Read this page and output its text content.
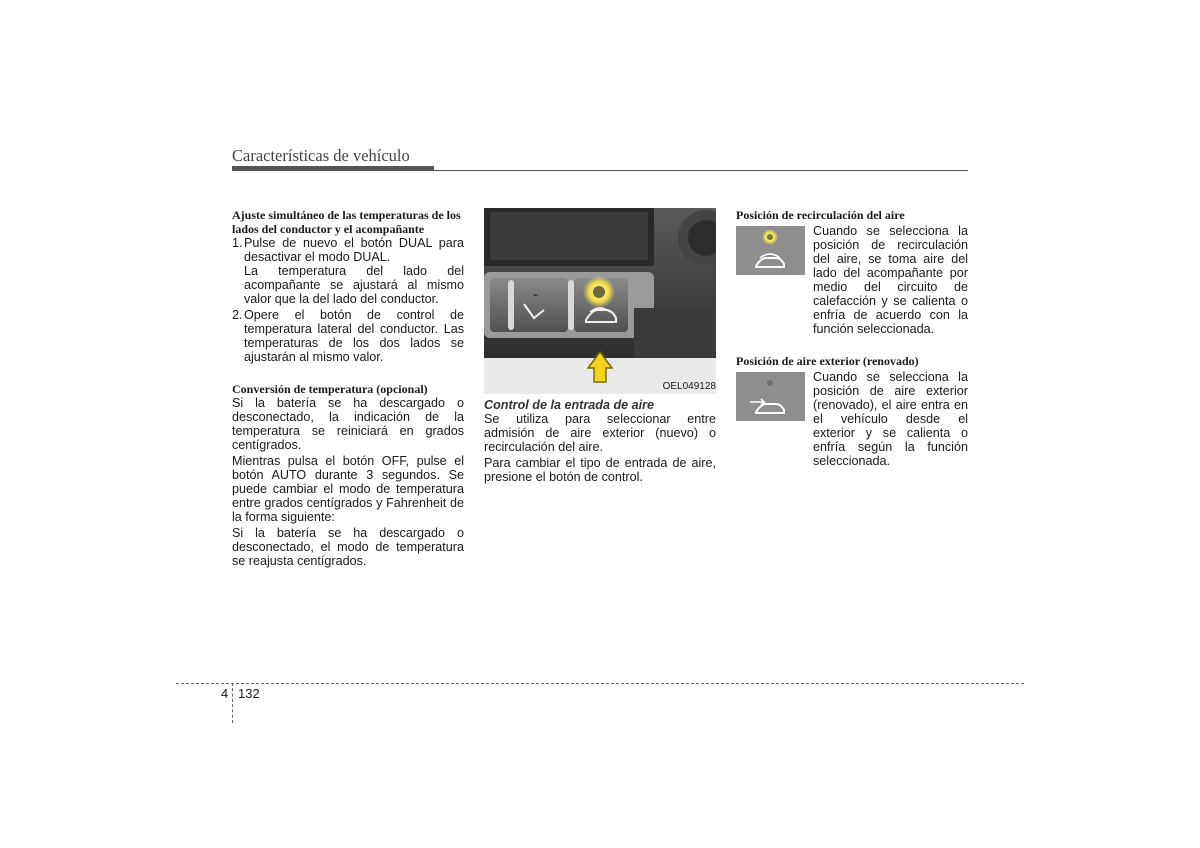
Características de vehículo
Ajuste simultáneo de las temperaturas de los lados del conductor y el acompañante
1. Pulse de nuevo el botón DUAL para desactivar el modo DUAL.
La temperatura del lado del acompañante se ajustará al mismo valor que la del lado del conductor.
2. Opere el botón de control de temperatura lateral del conductor. Las temperaturas de los dos lados se ajustarán al mismo valor.
Conversión de temperatura (opcional)

Si la batería se ha descargado o desconectado, la indicación de la temperatura se reiniciará en grados centígrados.

Mientras pulsa el botón OFF, pulse el botón AUTO durante 3 segundos. Se puede cambiar el modo de temperatura entre grados centígrados y Fahrenheit de la forma siguiente:

Si la batería se ha descargado o desconectado, el modo de temperatura se reajusta centígrados.

⌁
OEL049128
Control de la entrada de aire

Se utiliza para seleccionar entre admisión de aire exterior (nuevo) o recirculación del aire.

Para cambiar el tipo de entrada de aire, presione el botón de control.

Posición de recirculación del aire
Cuando se selecciona la posición de recirculación del aire, se toma aire del lado del acompañante por medio del circuito de calefacción y se calienta o enfría de acuerdo con la función seleccionada.
Posición de aire exterior (renovado)
Cuando se selecciona la posición de aire exterior (renovado), el aire entra en el vehículo desde el exterior y se calienta o enfría según la función seleccionada.
4 132
